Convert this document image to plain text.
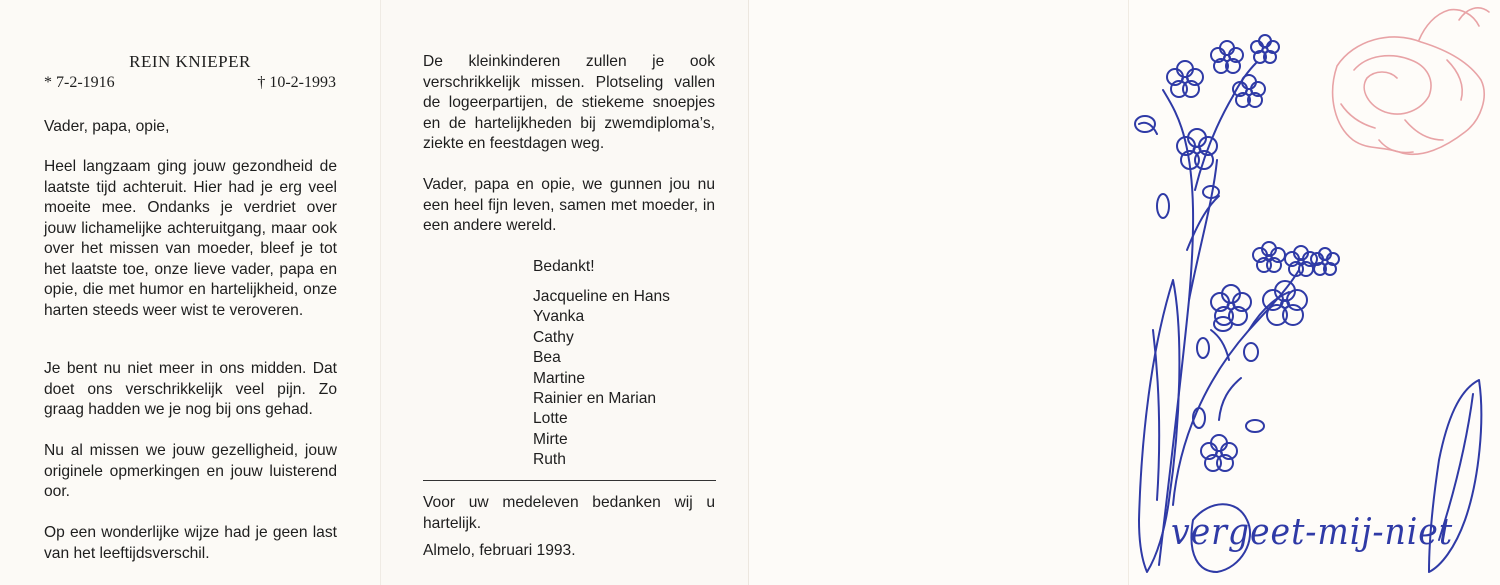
REIN KNIEPER
* 7-2-1916	† 10-2-1993
Vader, papa, opie,
Heel langzaam ging jouw gezondheid de laatste tijd achteruit. Hier had je erg veel moeite mee. Ondanks je verdriet over jouw lichamelijke achteruitgang, maar ook over het missen van moeder, bleef je tot het laatste toe, onze lieve vader, papa en opie, die met humor en hartelijkheid, onze harten steeds weer wist te veroveren.
Je bent nu niet meer in ons midden. Dat doet ons verschrikkelijk veel pijn. Zo graag hadden we je nog bij ons gehad.
Nu al missen we jouw gezelligheid, jouw originele opmerkingen en jouw luisterend oor.
Op een wonderlijke wijze had je geen last van het leeftijdsverschil.
De kleinkinderen zullen je ook verschrikkelijk missen. Plotseling vallen de logeerpartijen, de stiekeme snoepjes en de hartelijkheden bij zwemdiploma’s, ziekte en feestdagen weg.
Vader, papa en opie, we gunnen jou nu een heel fijn leven, samen met moeder, in een andere wereld.
Bedankt!
Jacqueline en Hans
Yvanka
Cathy
Bea
Martine
Rainier en Marian
Lotte
Mirte
Ruth
Voor uw medeleven bedanken wij u hartelijk.
Almelo, februari 1993.	vergeet-mij-niet
